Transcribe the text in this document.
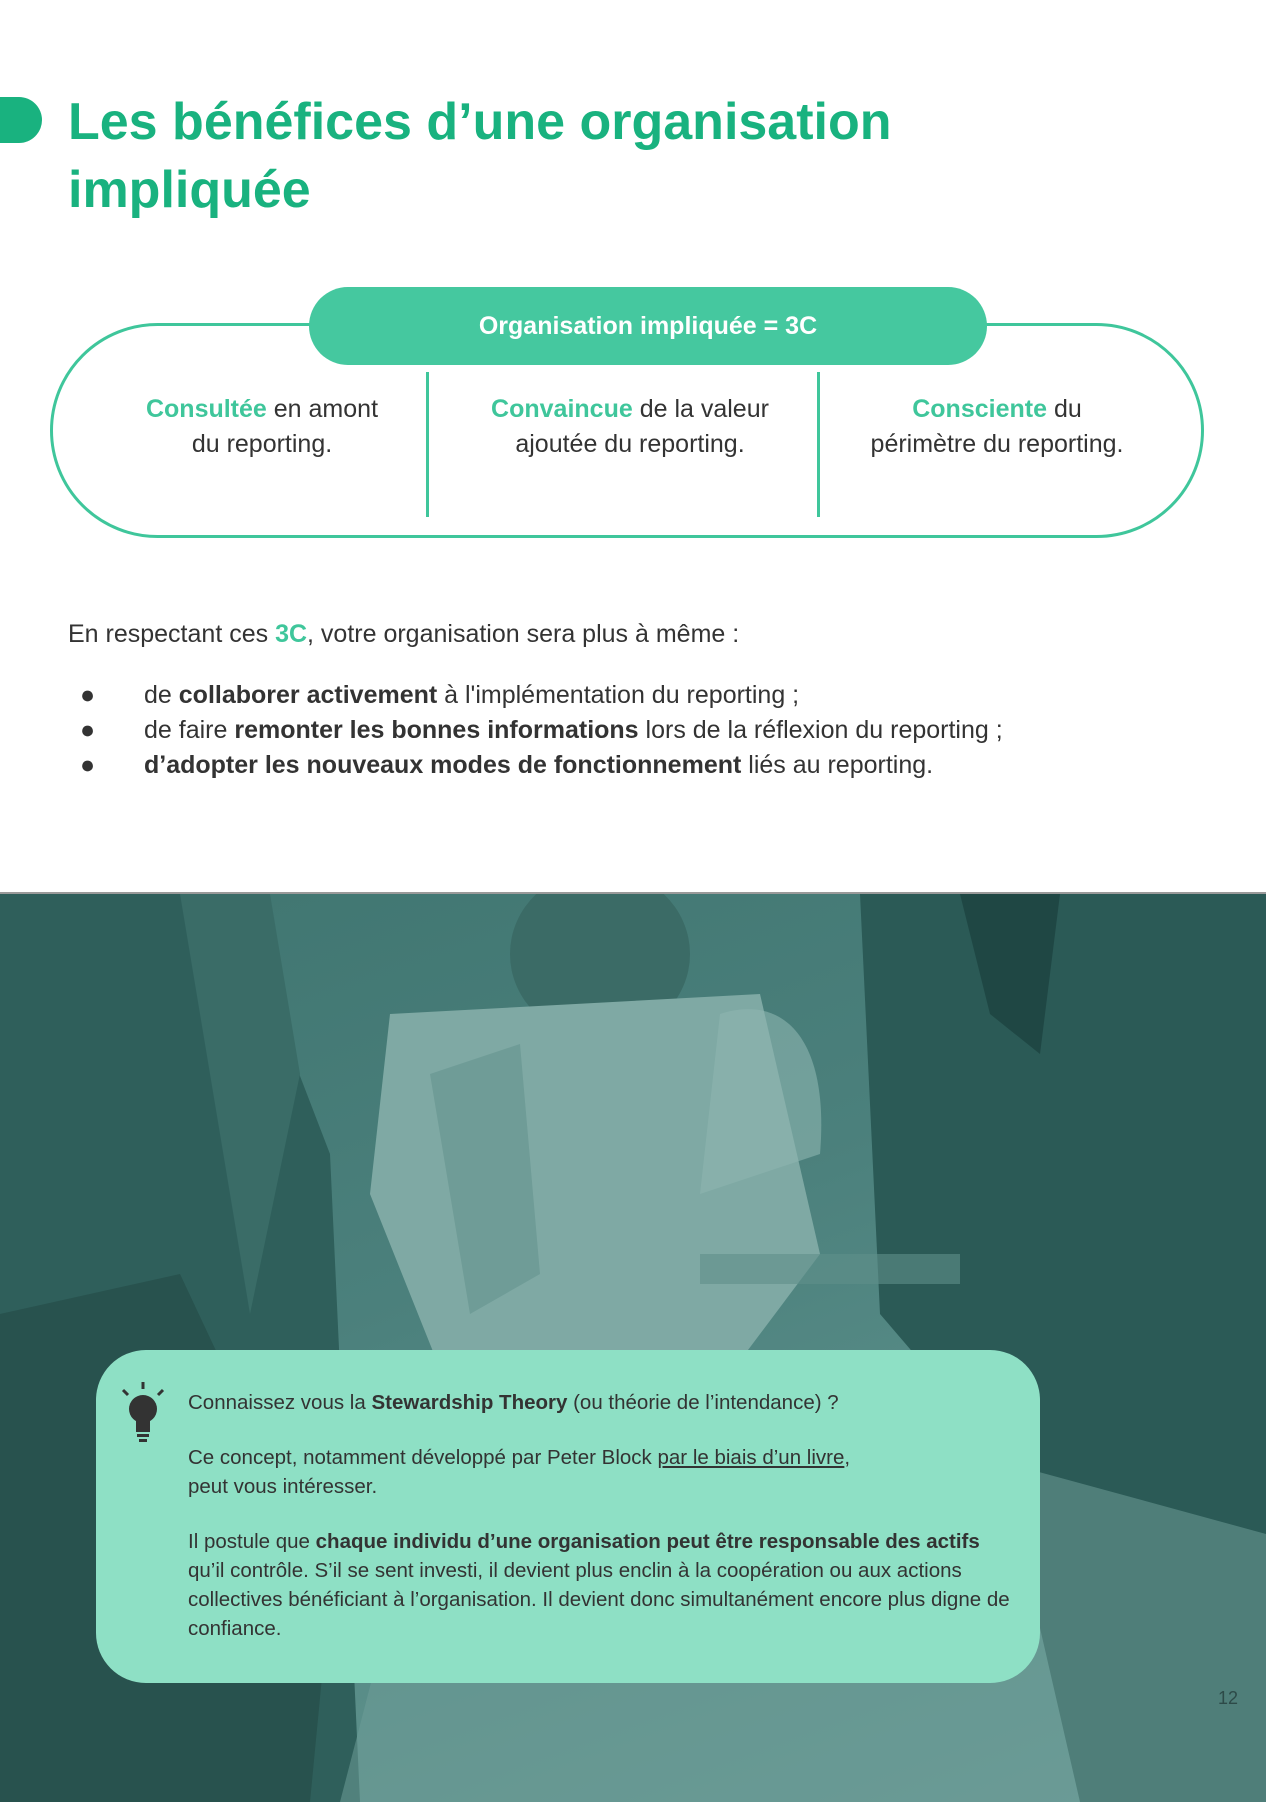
Les bénéfices d’une organisation
impliquée
Organisation impliquée = 3C
Consultée en amont
du reporting.
Convaincue de la valeur
ajoutée du reporting.
Consciente du
périmètre du reporting.
En respectant ces 3C, votre organisation sera plus à même :
● de collaborer activement à l'implémentation du reporting ;
● de faire remonter les bonnes informations lors de la réflexion du reporting ;
● d’adopter les nouveaux modes de fonctionnement liés au reporting.

Connaissez vous la Stewardship Theory (ou théorie de l’intendance) ?

Ce concept, notamment développé par Peter Block par le biais d’un livre,
peut vous intéresser.

Il postule que chaque individu d’une organisation peut être responsable des actifs qu’il contrôle. S’il se sent investi, il devient plus enclin à la coopération ou aux actions collectives bénéficiant à l’organisation. Il devient donc simultanément encore plus digne de confiance.

12
